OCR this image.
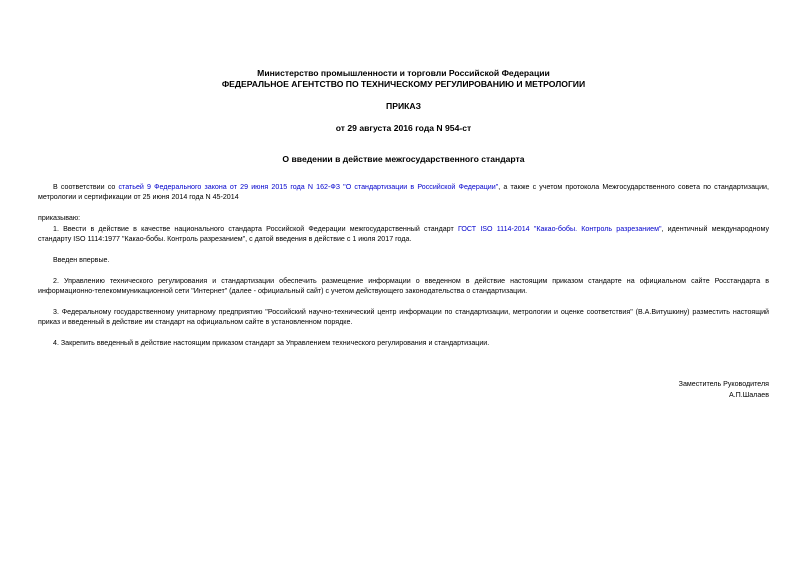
Министерство промышленности и торговли Российской Федерации
ФЕДЕРАЛЬНОЕ АГЕНТСТВО ПО ТЕХНИЧЕСКОМУ РЕГУЛИРОВАНИЮ И МЕТРОЛОГИИ
ПРИКАЗ
от 29 августа 2016 года N 954-ст
О введении в действие межгосударственного стандарта
В соответствии со статьей 9 Федерального закона от 29 июня 2015 года N 162-ФЗ "О стандартизации в Российской Федерации", а также с учетом протокола Межгосударственного совета по стандартизации,
метрологии и сертификации от 25 июня 2014 года N 45-2014
приказываю:
1. Ввести в действие в качестве национального стандарта Российской Федерации межгосударственный стандарт ГОСТ ISO 1114-2014 "Какао-бобы. Контроль разрезанием", идентичный международному
стандарту ISO 1114:1977 "Какао-бобы. Контроль разрезанием", с датой введения в действие с 1 июля 2017 года.
Введен впервые.
2. Управлению технического регулирования и стандартизации обеспечить размещение информации о введенном в действие настоящим приказом стандарте на официальном сайте Росстандарта в
информационно-телекоммуникационной сети "Интернет" (далее - официальный сайт) с учетом действующего законодательства о стандартизации.
3. Федеральному государственному унитарному предприятию "Российский научно-технический центр информации по стандартизации, метрологии и оценке соответствия" (В.А.Витушкину) разместить настоящий
приказ и введенный в действие им стандарт на официальном сайте в установленном порядке.
4. Закрепить введенный в действие настоящим приказом стандарт за Управлением технического регулирования и стандартизации.
Заместитель Руководителя
А.П.Шалаев
